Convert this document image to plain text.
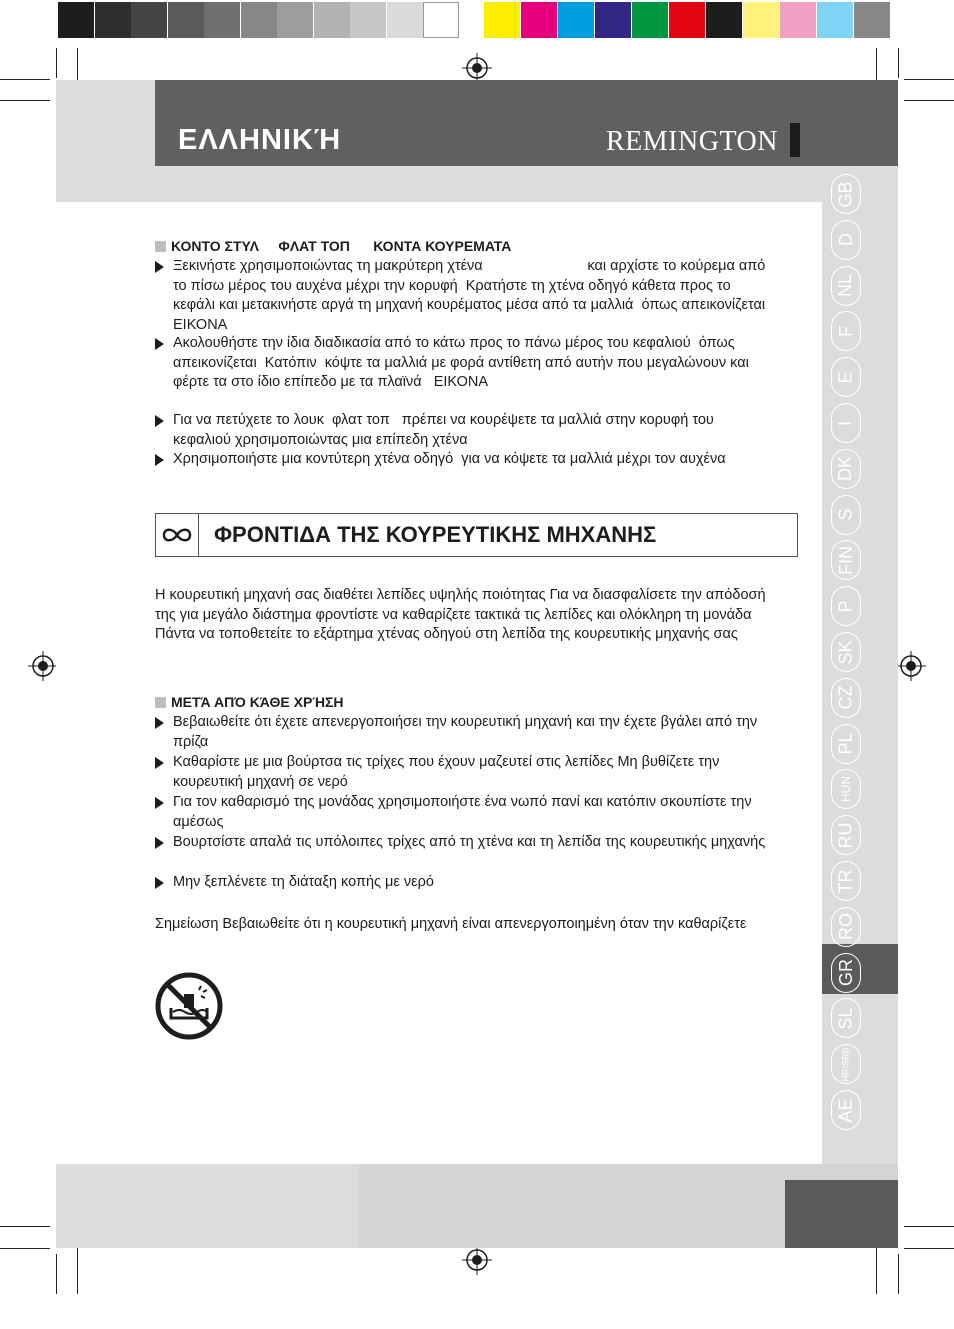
ΕΛΛΗΝΙΚΉ	REMINGTON
GB
D
NL
F
E
I
DK
S
FIN
P
SK
CZ
PL
HUN
RU
TR
RO
GR
SL
HR/SRB
AE
ΚΟΝΤΟ ΣΤΥΛ     ΦΛΑΤ ΤΟΠ      ΚΟΝΤΑ ΚΟΥΡΕΜΑΤΑ
Ξεκινήστε χρησιμοποιώντας τη μακρύτερη χτένα                          και αρχίστε το κούρεμα από το πίσω μέρος του αυχένα μέχρι την κορυφή  Κρατήστε τη χτένα οδηγό κάθετα προς το κεφάλι και μετακινήστε αργά τη μηχανή κουρέματος μέσα από τα μαλλιά  όπως απεικονίζεται   ΕΙΚΟΝΑ
Ακολουθήστε την ίδια διαδικασία από το κάτω προς το πάνω μέρος του κεφαλιού  όπως απεικονίζεται  Κατόπιν  κόψτε τα μαλλιά με φορά αντίθετη από αυτήν που μεγαλώνουν και φέρτε τα στο ίδιο επίπεδο με τα πλαϊνά   ΕΙΚΟΝΑ
Για να πετύχετε το λουκ  φλατ τοπ   πρέπει να κουρέψετε τα μαλλιά στην κορυφή του κεφαλιού χρησιμοποιώντας μια επίπεδη χτένα
Χρησιμοποιήστε μια κοντύτερη χτένα οδηγό  για να κόψετε τα μαλλιά μέχρι τον αυχένα
ΦΡΟΝΤΙΔΑ ΤΗΣ ΚΟΥΡΕΥΤΙΚΗΣ ΜΗΧΑΝΗΣ
Η κουρευτική μηχανή σας διαθέτει λεπίδες υψηλής ποιότητας Για να διασφαλίσετε την απόδοσή της για μεγάλο διάστημα φροντίστε να καθαρίζετε τακτικά τις λεπίδες και ολόκληρη τη μονάδα Πάντα να τοποθετείτε το εξάρτημα χτένας οδηγού στη λεπίδα της κουρευτικής μηχανής σας
ΜΕΤΆ ΑΠΌ ΚΆΘΕ ΧΡΉΣΗ
Βεβαιωθείτε ότι έχετε απενεργοποιήσει την κουρευτική μηχανή και την έχετε βγάλει από την πρίζα
Καθαρίστε με μια βούρτσα τις τρίχες που έχουν μαζευτεί στις λεπίδες Μη βυθίζετε την κουρευτική μηχανή σε νερό
Για τον καθαρισμό της μονάδας χρησιμοποιήστε ένα νωπό πανί και κατόπιν σκουπίστε την αμέσως
Βουρτσίστε απαλά τις υπόλοιπες τρίχες από τη χτένα και τη λεπίδα της κουρευτικής μηχανής
Μην ξεπλένετε τη διάταξη κοπής με νερό
Σημείωση Βεβαιωθείτε ότι η κουρευτική μηχανή είναι απενεργοποιημένη όταν την καθαρίζετε
